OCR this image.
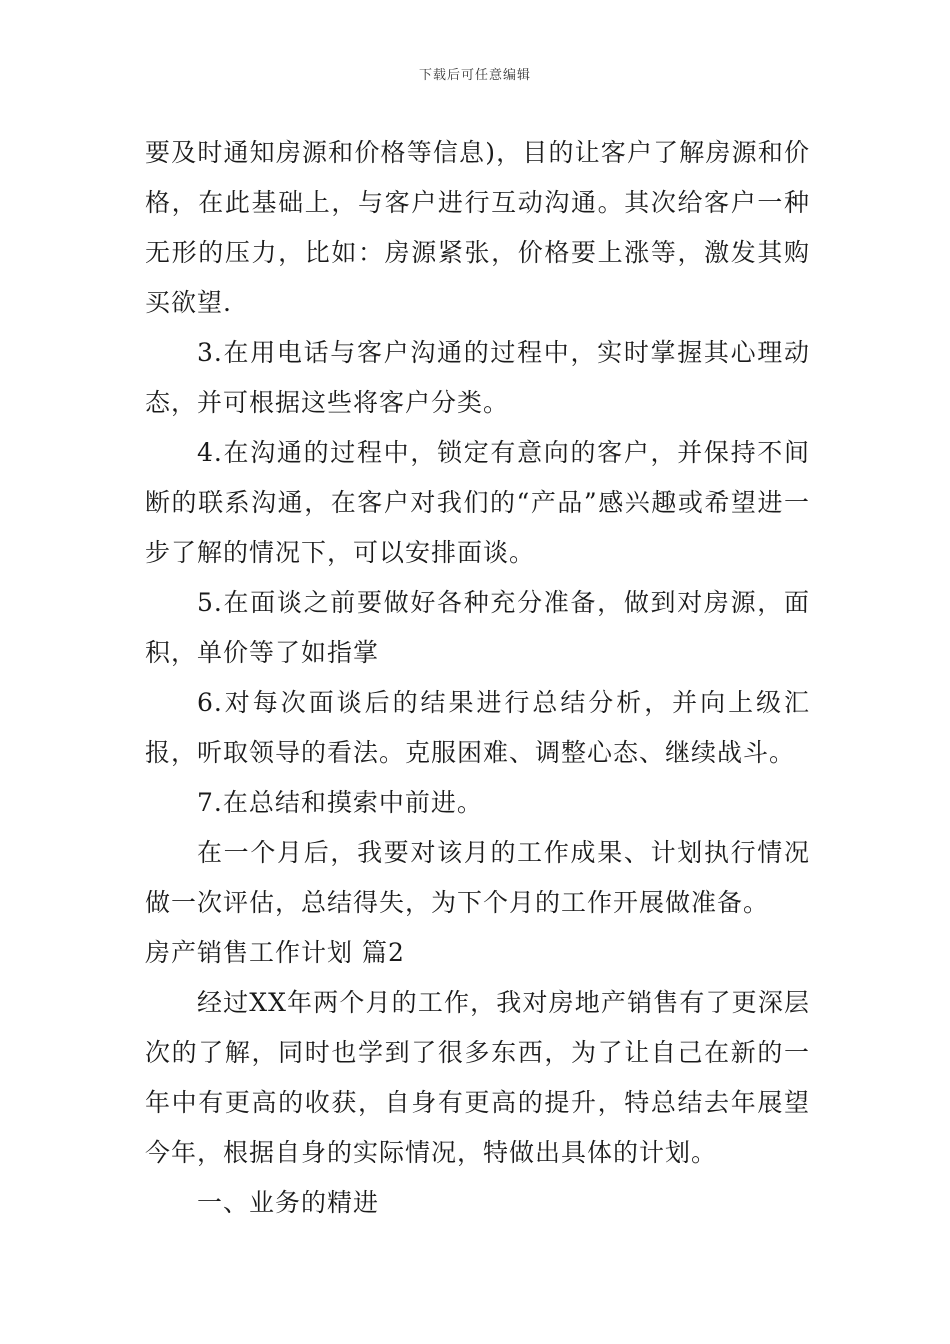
下载后可任意编辑

要及时通知房源和价格等信息)，目的让客户了解房源和价格，在此基础上，与客户进行互动沟通。其次给客户一种无形的压力，比如：房源紧张，价格要上涨等，激发其购买欲望.

3.在用电话与客户沟通的过程中，实时掌握其心理动态，并可根据这些将客户分类。

4.在沟通的过程中，锁定有意向的客户，并保持不间断的联系沟通，在客户对我们的“产品”感兴趣或希望进一步了解的情况下，可以安排面谈。

5.在面谈之前要做好各种充分准备，做到对房源，面积，单价等了如指掌

6.对每次面谈后的结果进行总结分析，并向上级汇报，听取领导的看法。克服困难、调整心态、继续战斗。

7.在总结和摸索中前进。

在一个月后，我要对该月的工作成果、计划执行情况做一次评估，总结得失，为下个月的工作开展做准备。

房产销售工作计划 篇2

经过XX年两个月的工作，我对房地产销售有了更深层次的了解，同时也学到了很多东西，为了让自己在新的一年中有更高的收获，自身有更高的提升，特总结去年展望今年，根据自身的实际情况，特做出具体的计划。

一、业务的精进
